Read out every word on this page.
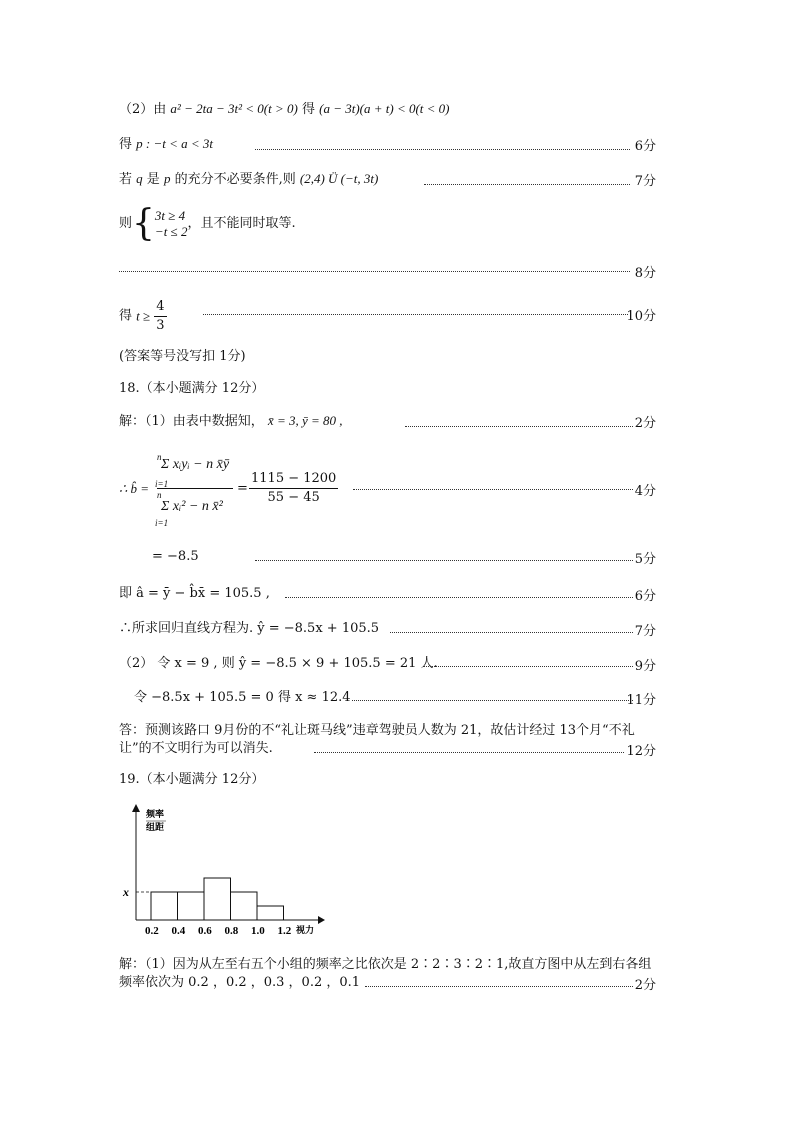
（2）由 a² − 2ta − 3t² < 0(t > 0) 得 (a − 3t)(a + t) < 0(t < 0)
得 p : −t < a < 3t	6分
若 q 是 p 的充分不必要条件,则 (2,4) Ü (−t, 3t)	7分
则{ 3t ≥ 4
−t ≤ 2
，且不能同时取等.
8分
得 $t \ge \frac{4}{3}$	10分
(答案等号没写扣 1分)
18.（本小题满分 12分）
解：（1）由表中数据知， x̄ = 3, ȳ = 80 ,	2分
∴ b̂ =
n Σ xᵢyᵢ − n x̄ȳ
i=1
n
Σ xᵢ² − n x̄²
i=1
= $\frac{1115 - 1200}{55 - 45}$	4分
= −8.5	5分
即 â = ȳ − b̂x̄ = 105.5 ,	6分
∴所求回归直线方程为. ŷ = −8.5x + 105.5	7分
（2） 令 x = 9 , 则 ŷ = −8.5 × 9 + 105.5 = 21 人.	9分
令 −8.5x + 105.5 = 0 得 x ≈ 12.4	11分
答：预测该路口 9月份的不“礼让斑马线”违章驾驶员人数为 21，故估计经过 13个月“不礼
让”的不文明行为可以消失.	12分
19.（本小题满分 12分）
频率
组距
x
0.2 0.4 0.6 0.8 1.0 1.2 视力
解：（1）因为从左至右五个小组的频率之比依次是 2∶2∶3∶2∶1,故直方图中从左到右各组
频率依次为 0.2 ，0.2 ，0.3 ，0.2 ，0.1	2分
